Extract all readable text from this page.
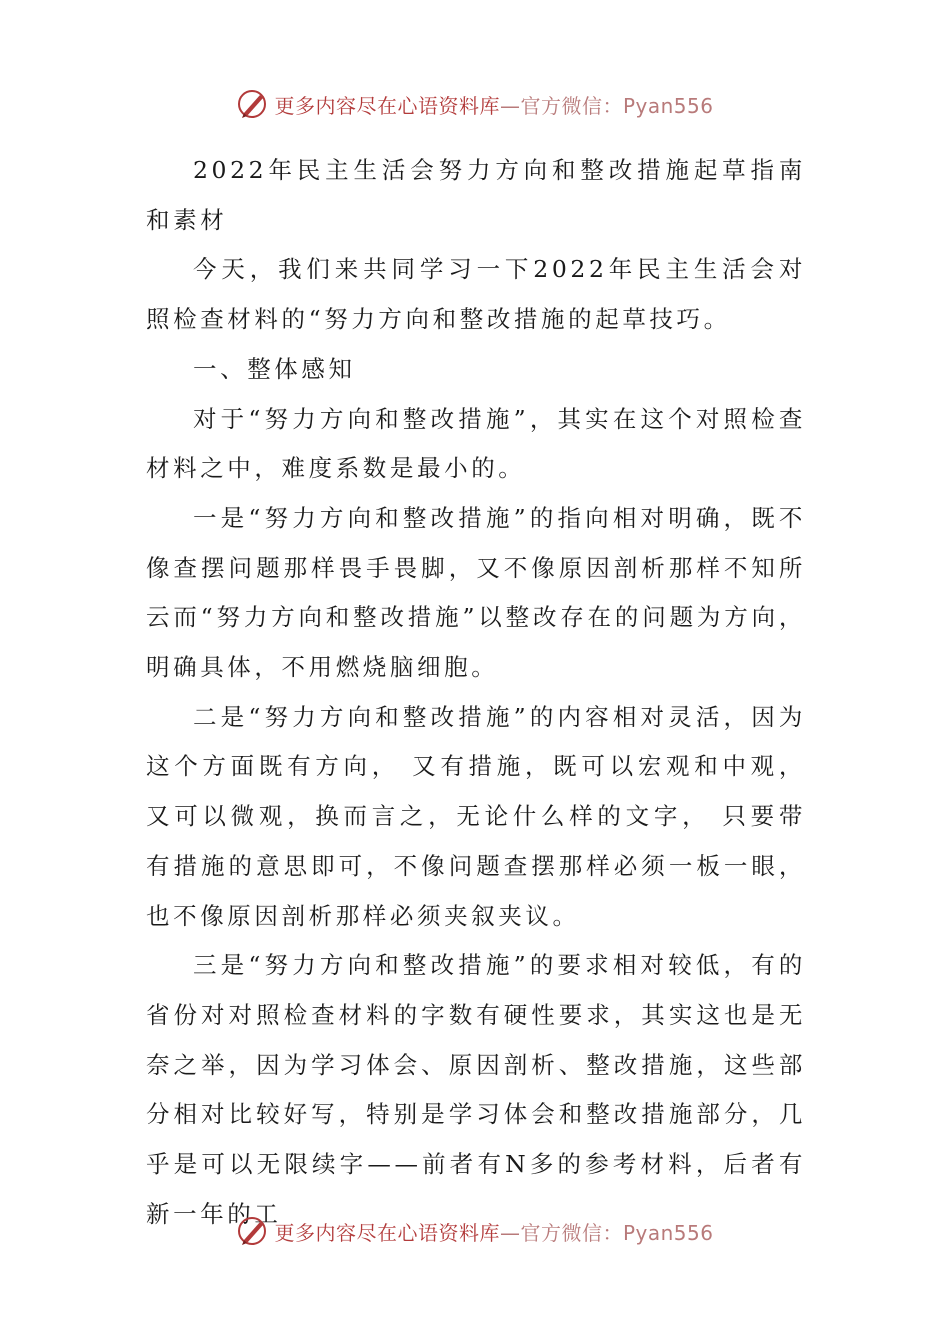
更多内容尽在心语资料库—官方微信：Pyan556

2022年民主生活会努力方向和整改措施起草指南和素材

今天，我们来共同学习一下2022年民主生活会对照检查材料的“努力方向和整改措施的起草技巧。

一、整体感知

对于“努力方向和整改措施”，其实在这个对照检查材料之中，难度系数是最小的。

一是“努力方向和整改措施”的指向相对明确，既不像查摆问题那样畏手畏脚，又不像原因剖析那样不知所云而“努力方向和整改措施”以整改存在的问题为方向，明确具体，不用燃烧脑细胞。

二是“努力方向和整改措施”的内容相对灵活，因为这个方面既有方向， 又有措施，既可以宏观和中观，又可以微观，换而言之，无论什么样的文字， 只要带有措施的意思即可，不像问题查摆那样必须一板一眼，也不像原因剖析那样必须夹叙夹议。

三是“努力方向和整改措施”的要求相对较低，有的省份对对照检查材料的字数有硬性要求，其实这也是无奈之举，因为学习体会、原因剖析、整改措施，这些部分相对比较好写，特别是学习体会和整改措施部分，几乎是可以无限续字——前者有N多的参考材料，后者有新一年的工

更多内容尽在心语资料库—官方微信：Pyan556
